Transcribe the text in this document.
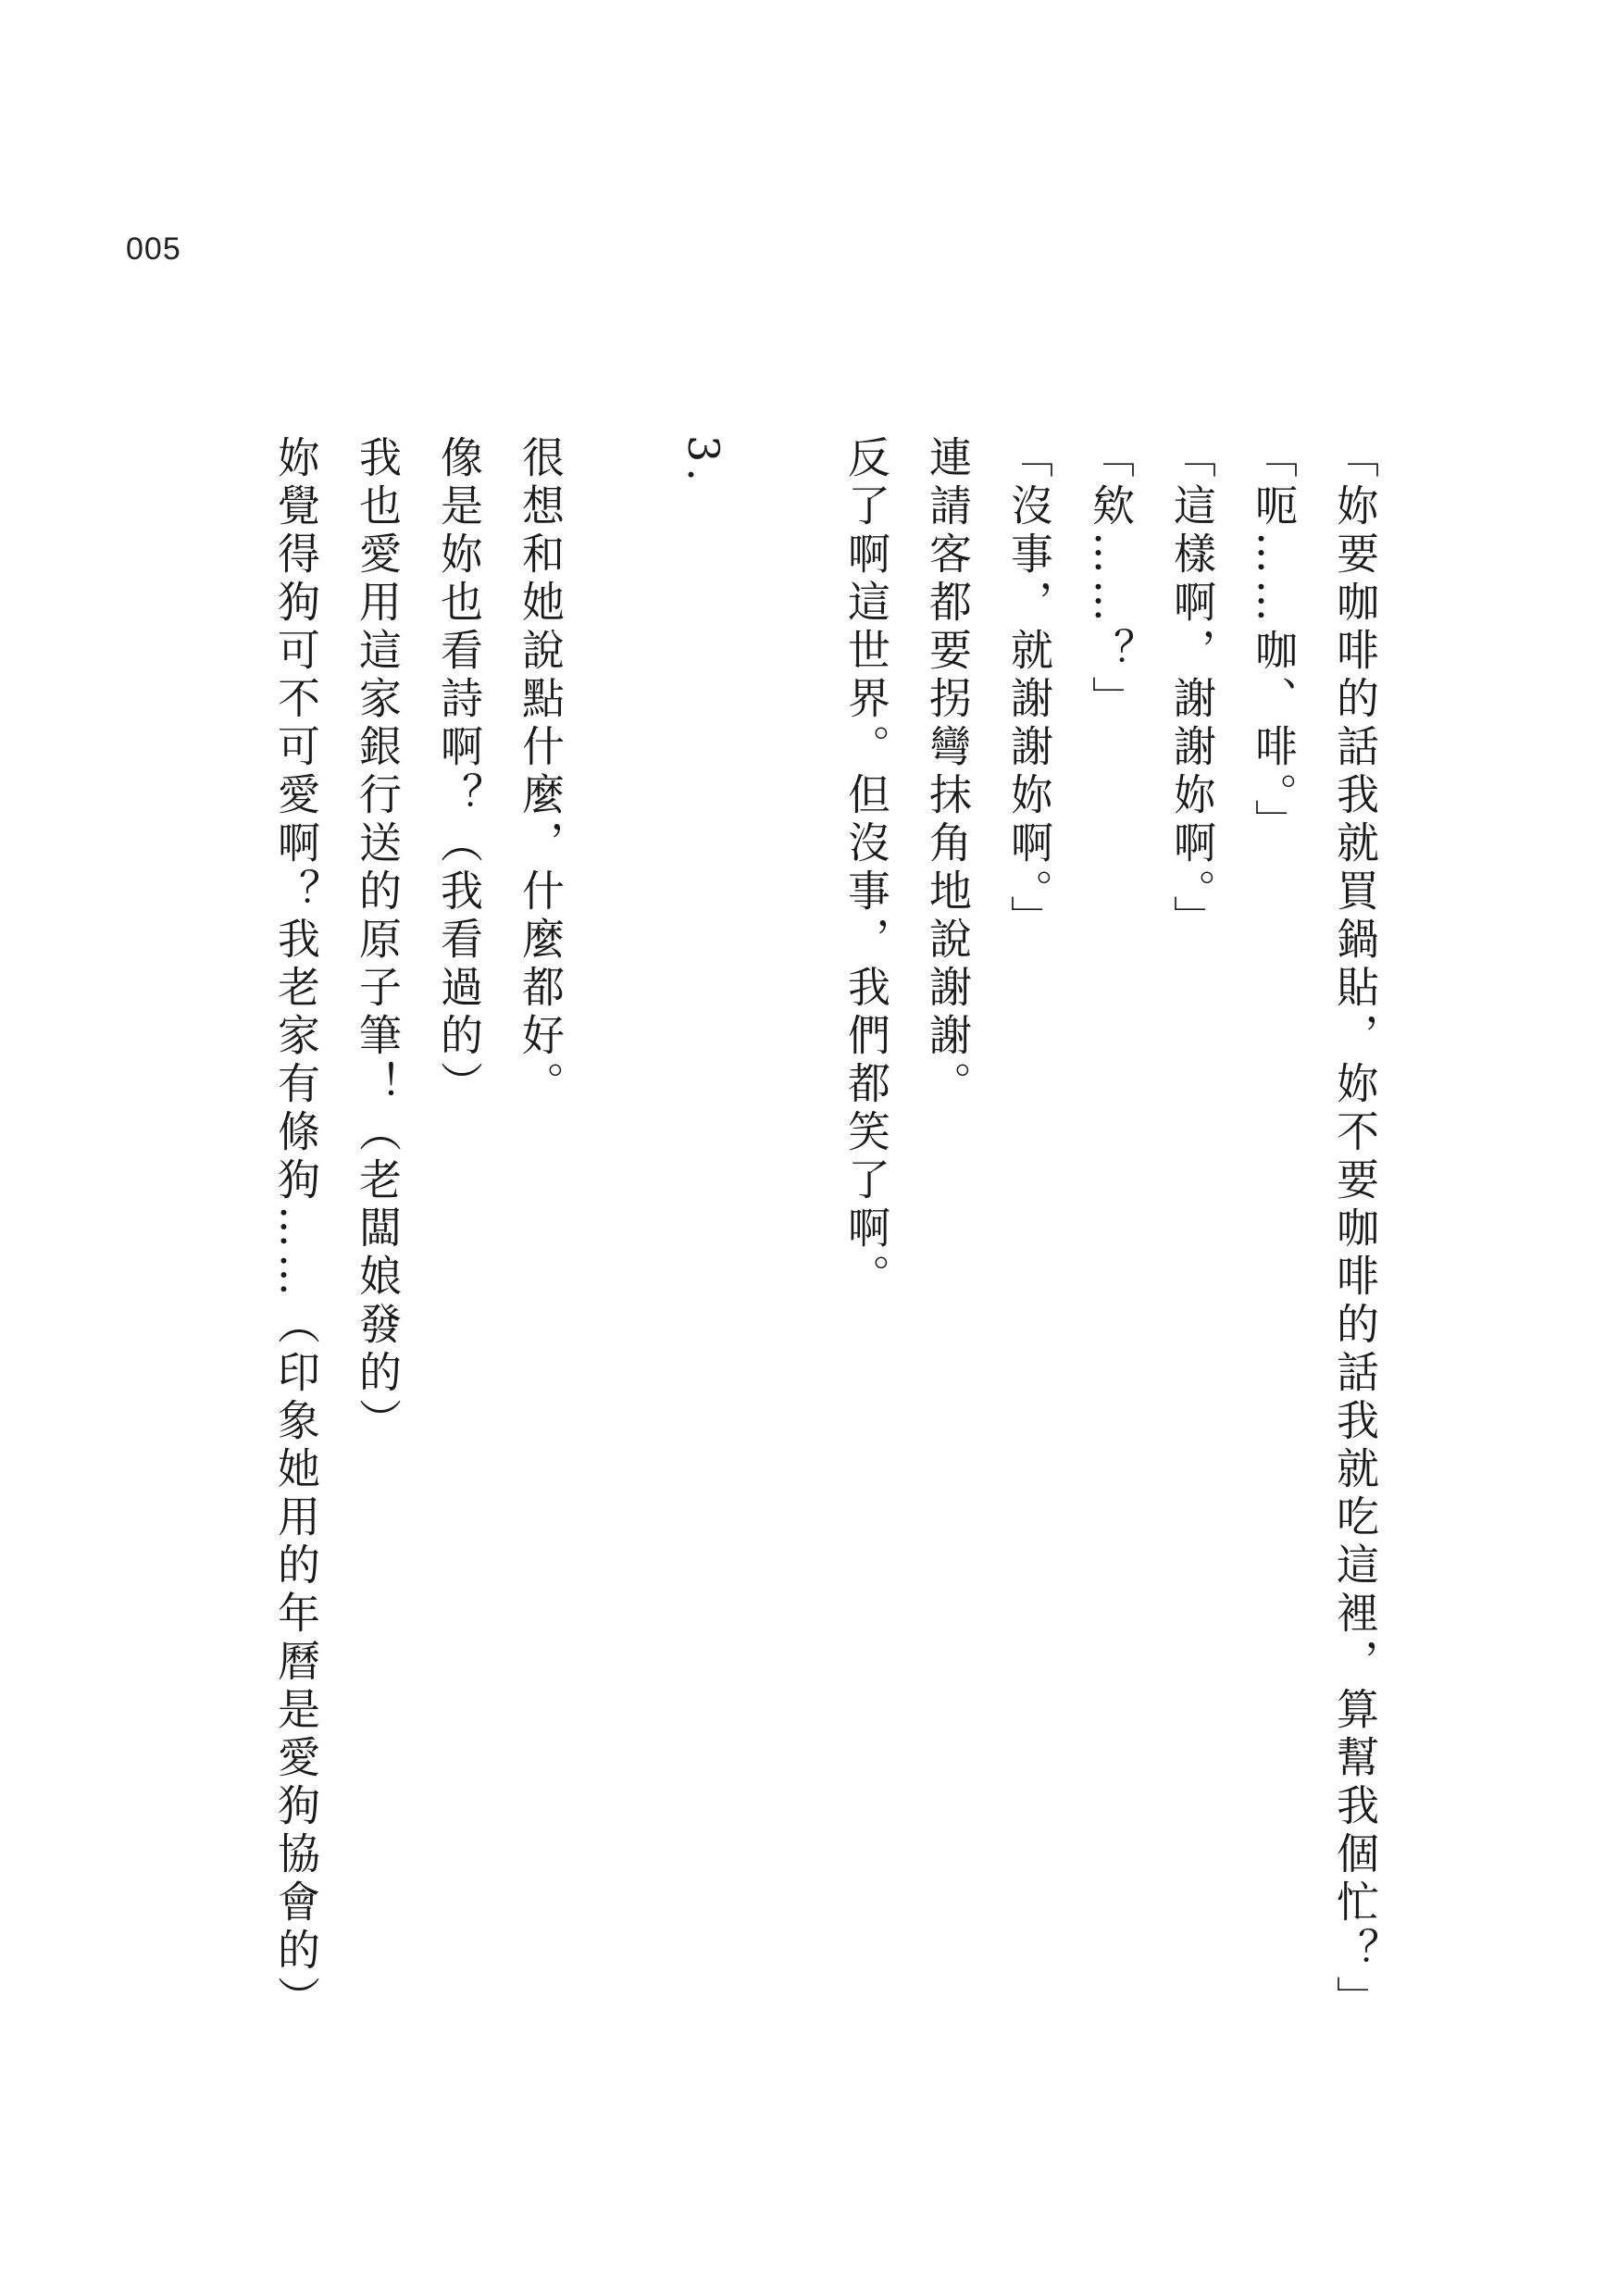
005

「妳要咖啡的話我就買鍋貼，妳不要咖啡的話我就吃這裡，算幫我個忙？」

「呃……咖、啡。」

「這樣啊，謝謝妳啊。」

「欸……？」

「沒事，就謝謝妳啊。」

連請客都要拐彎抹角地說謝謝。

反了啊這世界。但沒事，我們都笑了啊。

3.

很想和她說點什麼，什麼都好。

像是妳也看詩啊？（我看過的）

我也愛用這家銀行送的原子筆！（老闆娘發的）

妳覺得狗可不可愛啊？我老家有條狗……（印象她用的年曆是愛狗協會的）
